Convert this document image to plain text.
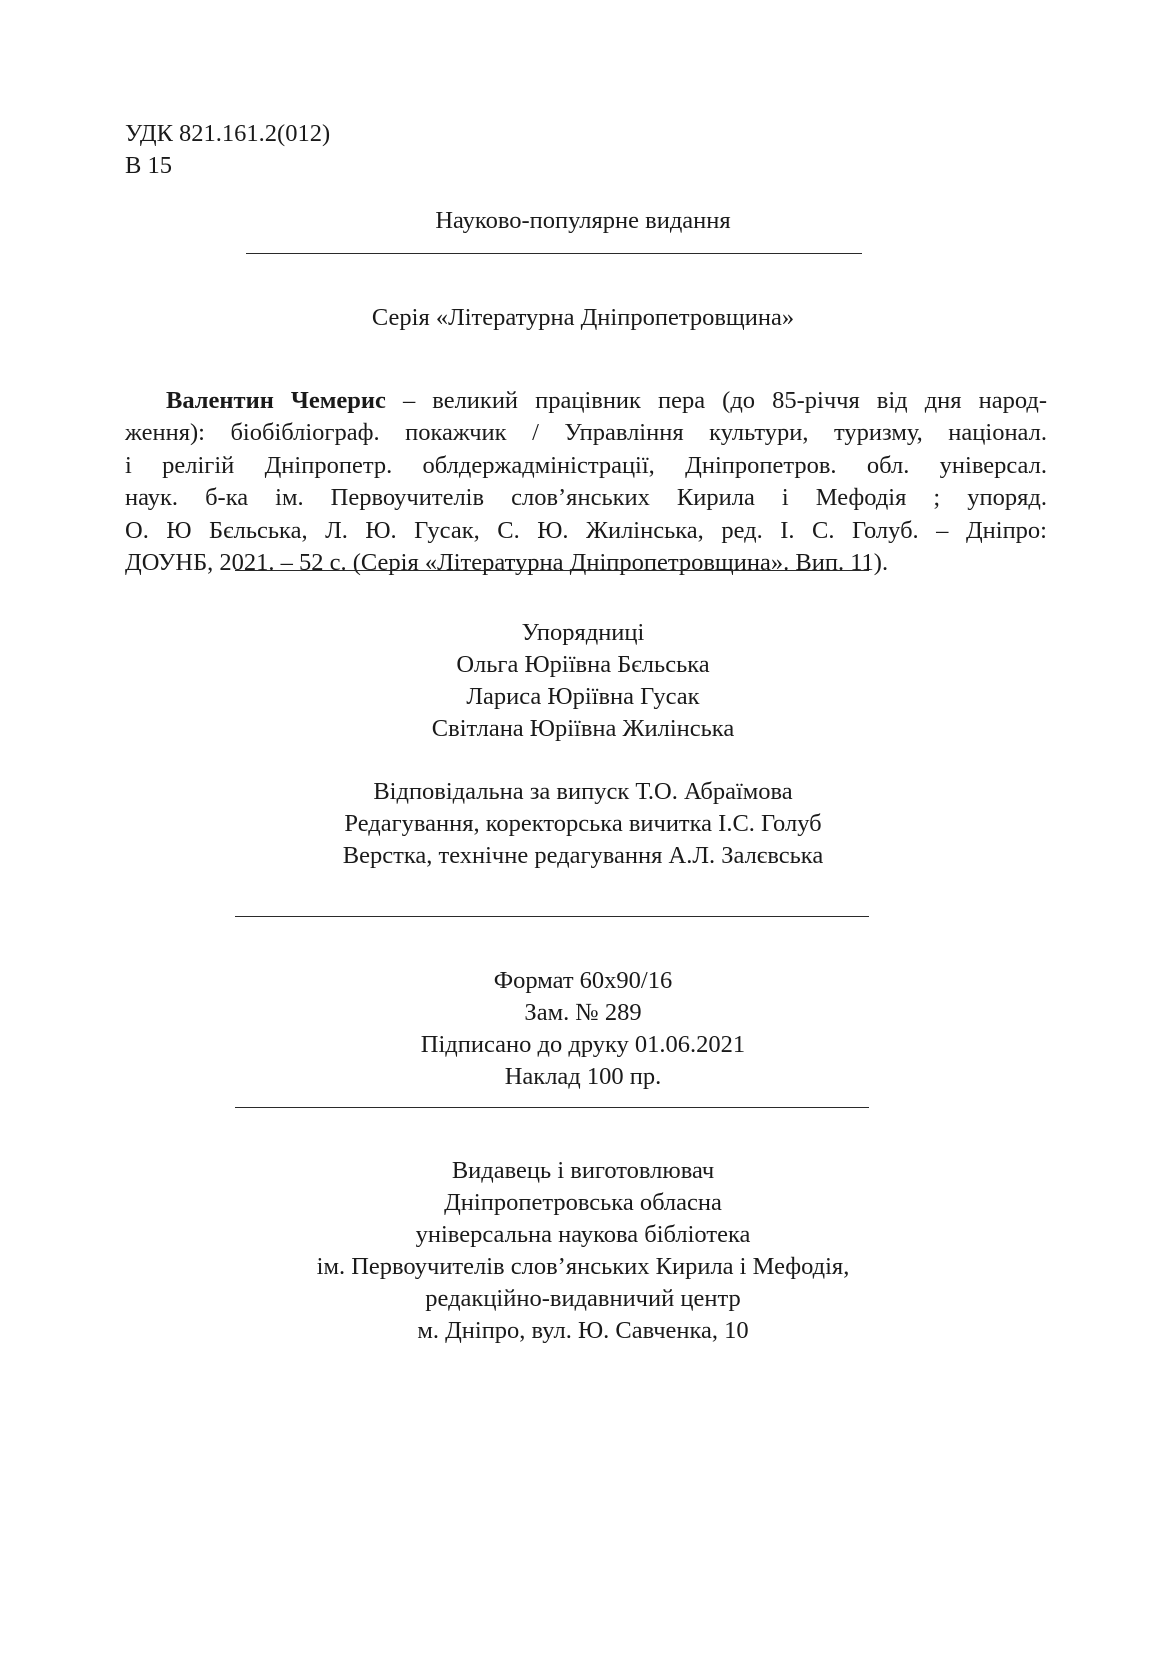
УДК 821.161.2(012)
В 15
Науково-популярне видання
Серія «Літературна Дніпропетровщина»
Валентин Чемерис – великий працівник пера (до 85-річчя від дня народ-
ження): біобібліограф. покажчик / Управління культури, туризму, націонал.
і релігій Дніпропетр. облдержадміністрації, Дніпропетров. обл. універсал.
наук. б-ка ім. Первоучителів слов’янських Кирила і Мефодія ; упоряд.
О. Ю Бєльська, Л. Ю. Гусак, С. Ю. Жилінська, ред. І. С. Голуб. – Дніпро:
ДОУНБ, 2021. – 52 с. (Серія «Літературна Дніпропетровщина». Вип. 11).
Упорядниці
Ольга Юріївна Бєльська
Лариса Юріївна Гусак
Світлана Юріївна Жилінська
Відповідальна за випуск Т.О. Абраїмова
Редагування, коректорська вичитка І.С. Голуб
Верстка, технічне редагування А.Л. Залєвська
Формат 60х90/16
Зам. № 289
Підписано до друку 01.06.2021
Наклад 100 пр.
Видавець і виготовлювач
Дніпропетровська обласна
універсальна наукова бібліотека
ім. Первоучителів слов’янських Кирила і Мефодія,
редакційно-видавничий центр
м. Дніпро, вул. Ю. Савченка, 10
